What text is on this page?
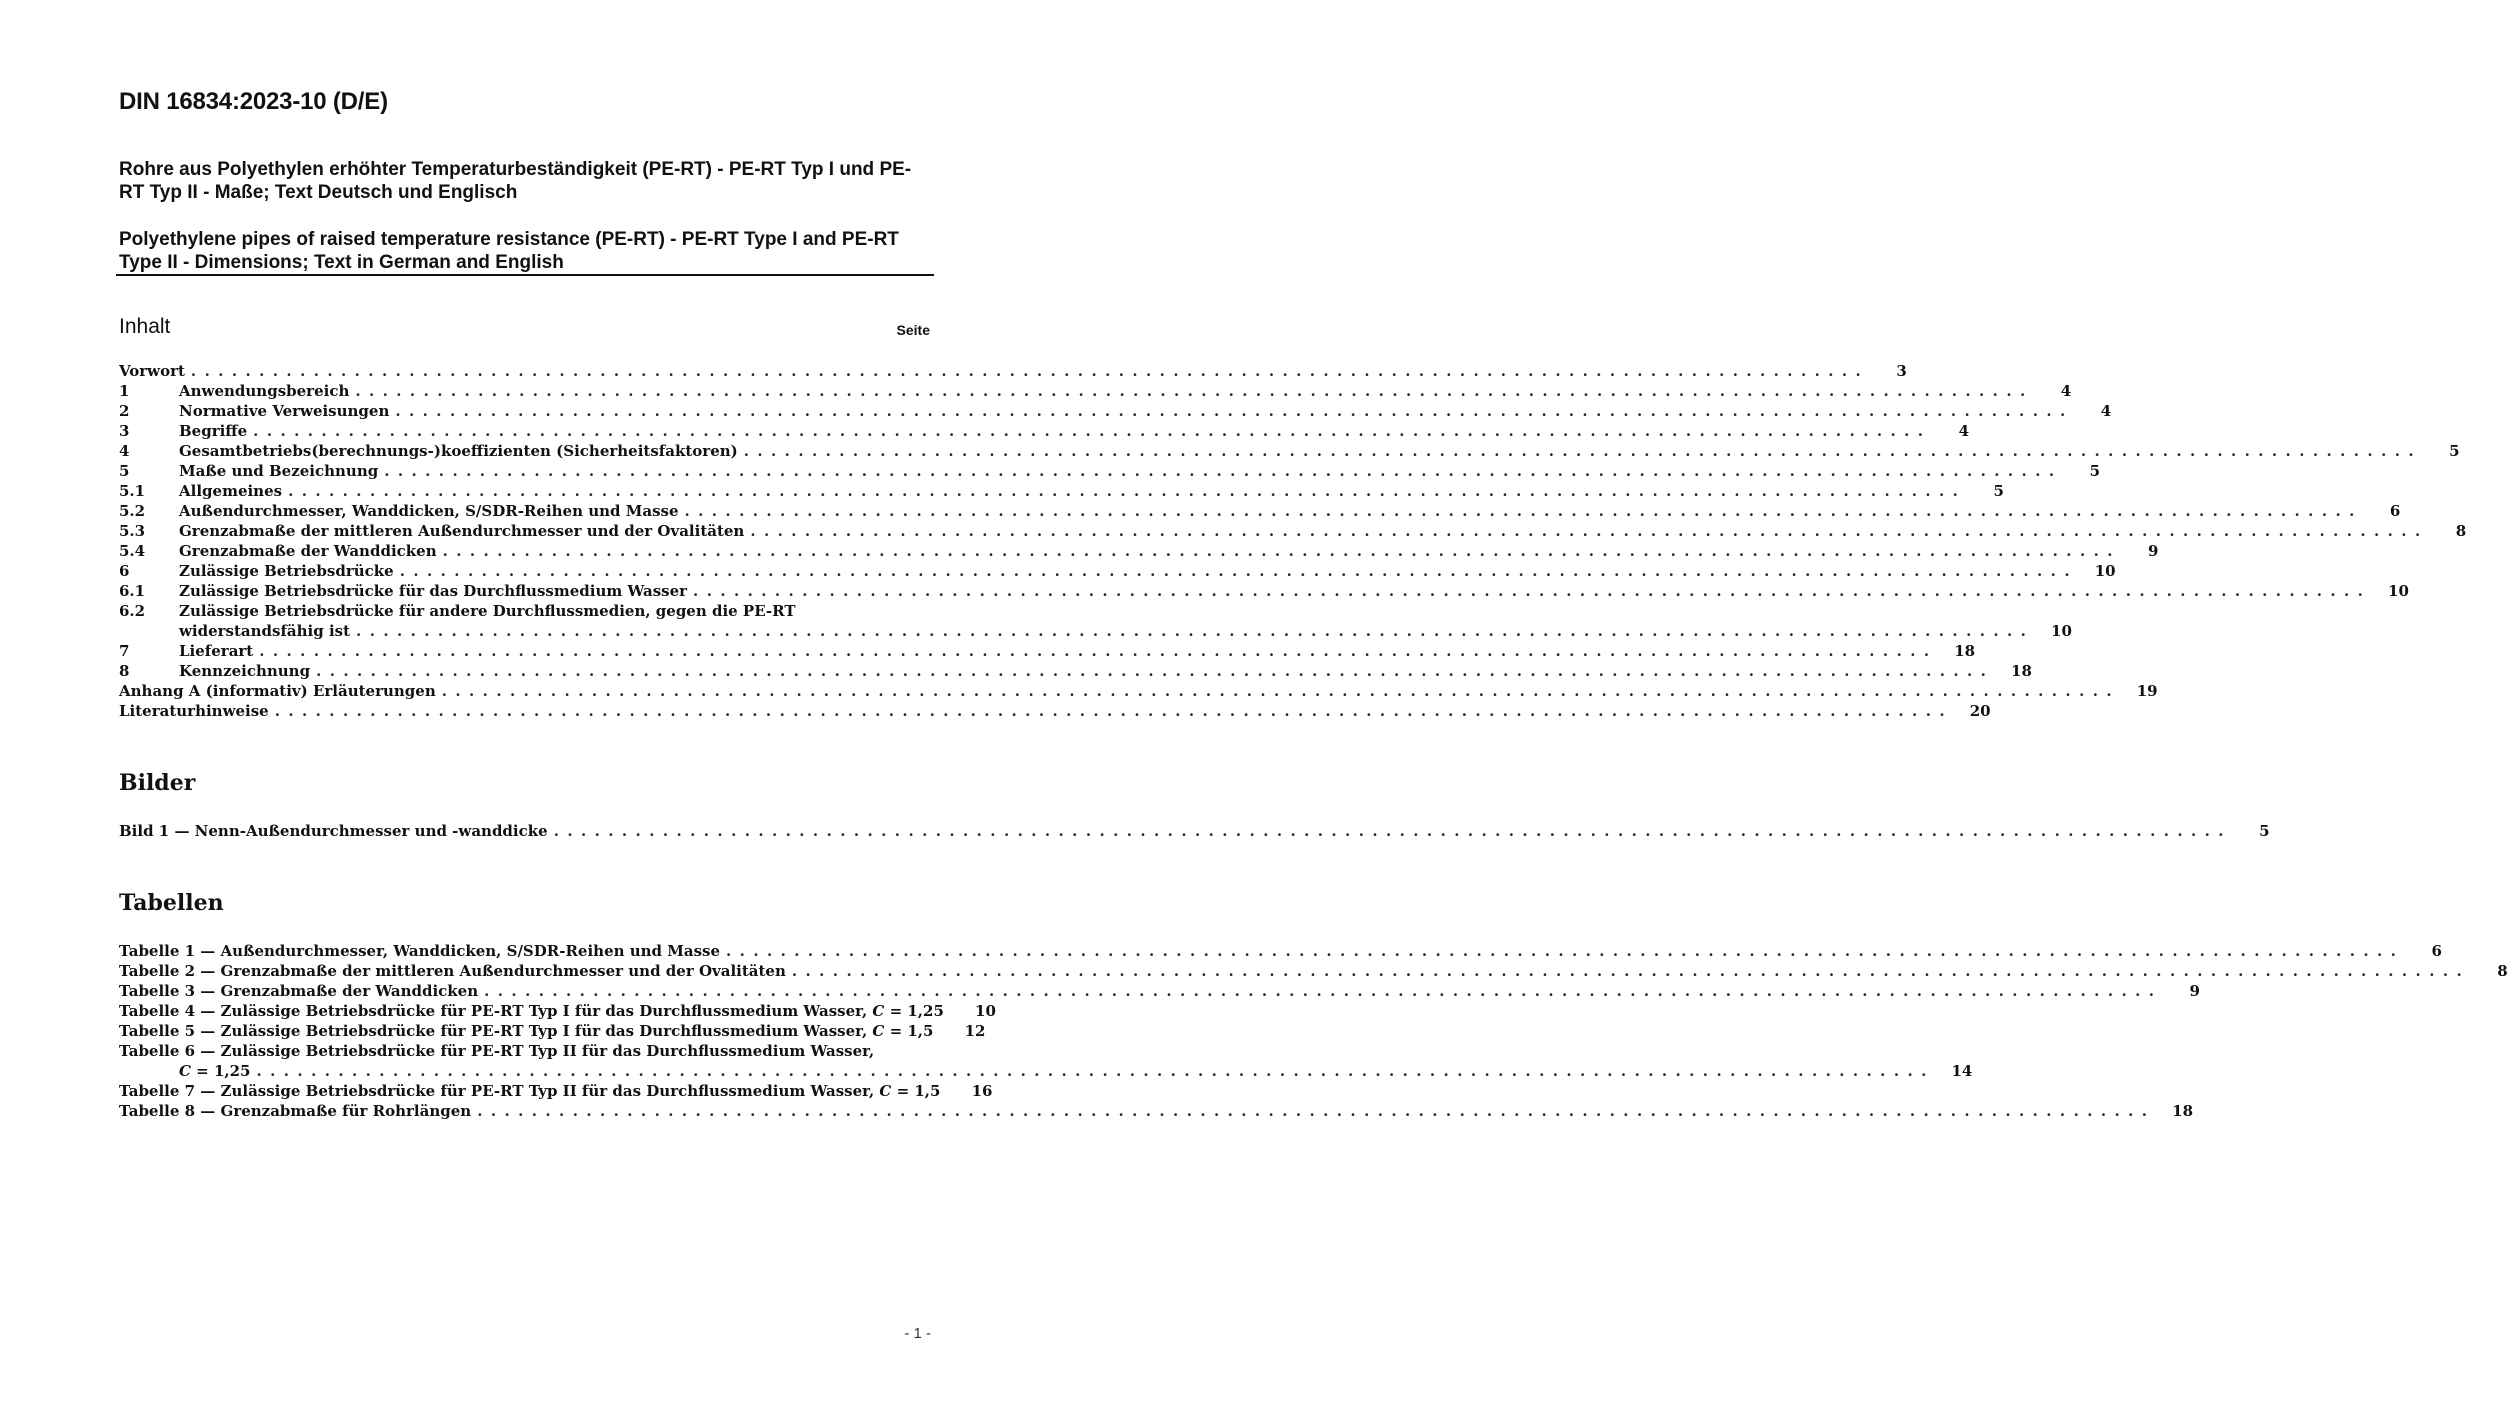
DIN 16834:2023-10 (D/E)
Rohre aus Polyethylen erhöhter Temperaturbeständigkeit (PE-RT) - PE-RT Typ I und PE-RT Typ II - Maße; Text Deutsch und Englisch
Polyethylene pipes of raised temperature resistance (PE-RT) - PE-RT Type I and PE-RT Type II - Dimensions; Text in German and English
Inhalt	Seite
Vorwort . . .	3
1	Anwendungsbereich . . .	4
2	Normative Verweisungen . . .	4
3	Begriffe . . .	4
4	Gesamtbetriebs(berechnungs-)koeffizienten (Sicherheitsfaktoren) . . .	5
5	Maße und Bezeichnung . . .	5
5.1	Allgemeines . . .	5
5.2	Außendurchmesser, Wanddicken, S/SDR-Reihen und Masse . . .	6
5.3	Grenzabmaße der mittleren Außendurchmesser und der Ovalitäten . . .	8
5.4	Grenzabmaße der Wanddicken . . .	9
6	Zulässige Betriebsdrücke . . .	10
6.1	Zulässige Betriebsdrücke für das Durchflussmedium Wasser . . .	10
6.2	Zulässige Betriebsdrücke für andere Durchflussmedien, gegen die PE-RT
widerstandsfähig ist . . .	10
7	Lieferart . . .	18
8	Kennzeichnung . . .	18
Anhang A (informativ) Erläuterungen . . .	19
Literaturhinweise . . .	20
Bilder
Bild 1 — Nenn-Außendurchmesser und -wanddicke . . .	5
Tabellen
Tabelle 1 — Außendurchmesser, Wanddicken, S/SDR-Reihen und Masse . . .	6
Tabelle 2 — Grenzabmaße der mittleren Außendurchmesser und der Ovalitäten . . .	8
Tabelle 3 — Grenzabmaße der Wanddicken . . .	9
Tabelle 4 — Zulässige Betriebsdrücke für PE-RT Typ I für das Durchflussmedium Wasser, C = 1,25	10
Tabelle 5 — Zulässige Betriebsdrücke für PE-RT Typ I für das Durchflussmedium Wasser, C = 1,5	12
Tabelle 6 — Zulässige Betriebsdrücke für PE-RT Typ II für das Durchflussmedium Wasser,
C = 1,25 . . .	14
Tabelle 7 — Zulässige Betriebsdrücke für PE-RT Typ II für das Durchflussmedium Wasser, C = 1,5	16
Tabelle 8 — Grenzabmaße für Rohrlängen . . .	18
- 1 -
